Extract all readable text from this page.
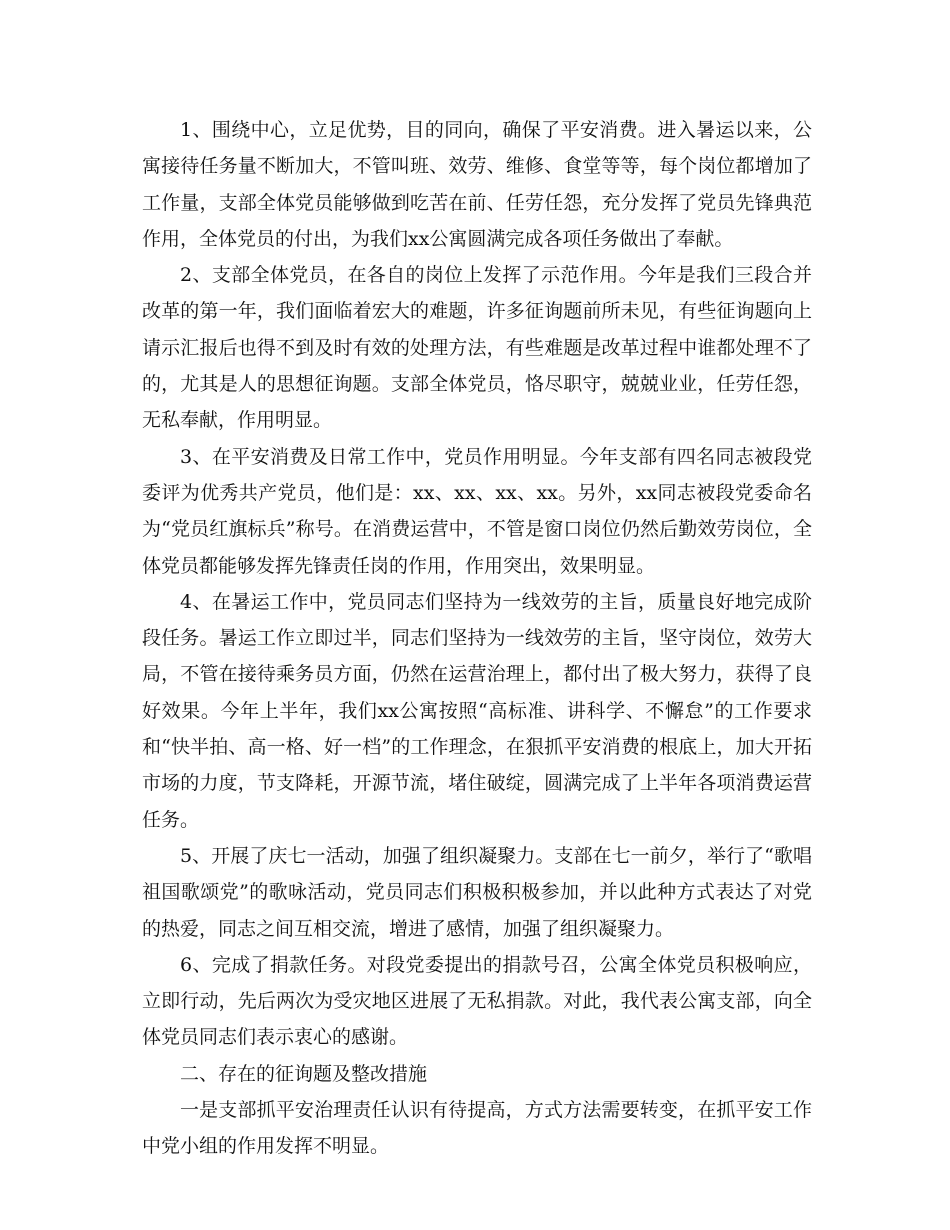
1、围绕中心，立足优势，目的同向，确保了平安消费。进入暑运以来，公寓接待任务量不断加大，不管叫班、效劳、维修、食堂等等，每个岗位都增加了工作量，支部全体党员能够做到吃苦在前、任劳任怨，充分发挥了党员先锋典范作用，全体党员的付出，为我们xx公寓圆满完成各项任务做出了奉献。

2、支部全体党员，在各自的岗位上发挥了示范作用。今年是我们三段合并改革的第一年，我们面临着宏大的难题，许多征询题前所未见，有些征询题向上请示汇报后也得不到及时有效的处理方法，有些难题是改革过程中谁都处理不了的，尤其是人的思想征询题。支部全体党员，恪尽职守，兢兢业业，任劳任怨，无私奉献，作用明显。

3、在平安消费及日常工作中，党员作用明显。今年支部有四名同志被段党委评为优秀共产党员，他们是：xx、xx、xx、xx。另外，xx同志被段党委命名为“党员红旗标兵”称号。在消费运营中，不管是窗口岗位仍然后勤效劳岗位，全体党员都能够发挥先锋责任岗的作用，作用突出，效果明显。

4、在暑运工作中，党员同志们坚持为一线效劳的主旨，质量良好地完成阶段任务。暑运工作立即过半，同志们坚持为一线效劳的主旨，坚守岗位，效劳大局，不管在接待乘务员方面，仍然在运营治理上，都付出了极大努力，获得了良好效果。今年上半年，我们xx公寓按照“高标准、讲科学、不懈怠”的工作要求和“快半拍、高一格、好一档”的工作理念，在狠抓平安消费的根底上，加大开拓市场的力度，节支降耗，开源节流，堵住破绽，圆满完成了上半年各项消费运营任务。

5、开展了庆七一活动，加强了组织凝聚力。支部在七一前夕，举行了“歌唱祖国歌颂党”的歌咏活动，党员同志们积极积极参加，并以此种方式表达了对党的热爱，同志之间互相交流，增进了感情，加强了组织凝聚力。

6、完成了捐款任务。对段党委提出的捐款号召，公寓全体党员积极响应，立即行动，先后两次为受灾地区进展了无私捐款。对此，我代表公寓支部，向全体党员同志们表示衷心的感谢。

二、存在的征询题及整改措施

一是支部抓平安治理责任认识有待提高，方式方法需要转变，在抓平安工作中党小组的作用发挥不明显。
